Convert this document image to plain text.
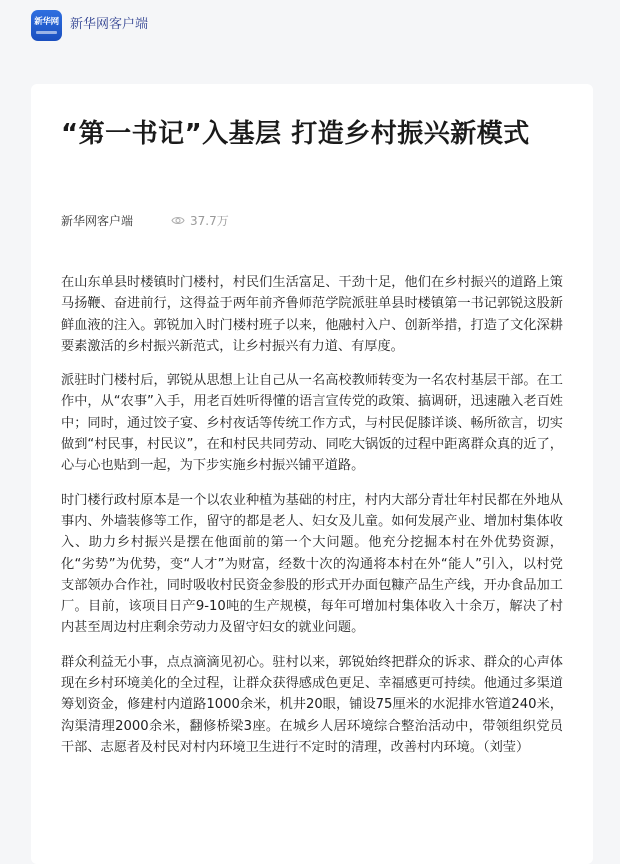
新华网 新华网客户端
“第一书记”入基层 打造乡村振兴新模式
新华网客户端	37.7万

在山东单县时楼镇时门楼村，村民们生活富足、干劲十足，他们在乡村振兴的道路上策马扬鞭、奋进前行，这得益于两年前齐鲁师范学院派驻单县时楼镇第一书记郭锐这股新鲜血液的注入。郭锐加入时门楼村班子以来，他融村入户、创新举措，打造了文化深耕要素激活的乡村振兴新范式，让乡村振兴有力道、有厚度。

派驻时门楼村后，郭锐从思想上让自己从一名高校教师转变为一名农村基层干部。在工作中，从“农事”入手，用老百姓听得懂的语言宣传党的政策、搞调研，迅速融入老百姓中；同时，通过饺子宴、乡村夜话等传统工作方式，与村民促膝详谈、畅所欲言，切实做到“村民事，村民议”，在和村民共同劳动、同吃大锅饭的过程中距离群众真的近了，心与心也贴到一起，为下步实施乡村振兴铺平道路。

时门楼行政村原本是一个以农业种植为基础的村庄，村内大部分青壮年村民都在外地从事内、外墙装修等工作，留守的都是老人、妇女及儿童。如何发展产业、增加村集体收入、助力乡村振兴是摆在他面前的第一个大问题。他充分挖掘本村在外优势资源，化“劣势”为优势，变“人才”为财富，经数十次的沟通将本村在外“能人”引入，以村党支部领办合作社，同时吸收村民资金参股的形式开办面包糠产品生产线，开办食品加工厂。目前，该项目日产9-10吨的生产规模，每年可增加村集体收入十余万，解决了村内甚至周边村庄剩余劳动力及留守妇女的就业问题。

群众利益无小事，点点滴滴见初心。驻村以来，郭锐始终把群众的诉求、群众的心声体现在乡村环境美化的全过程，让群众获得感成色更足、幸福感更可持续。他通过多渠道筹划资金，修建村内道路1000余米，机井20眼，铺设75厘米的水泥排水管道240米，沟渠清理2000余米，翻修桥梁3座。在城乡人居环境综合整治活动中，带领组织党员干部、志愿者及村民对村内环境卫生进行不定时的清理，改善村内环境。（刘莹）
